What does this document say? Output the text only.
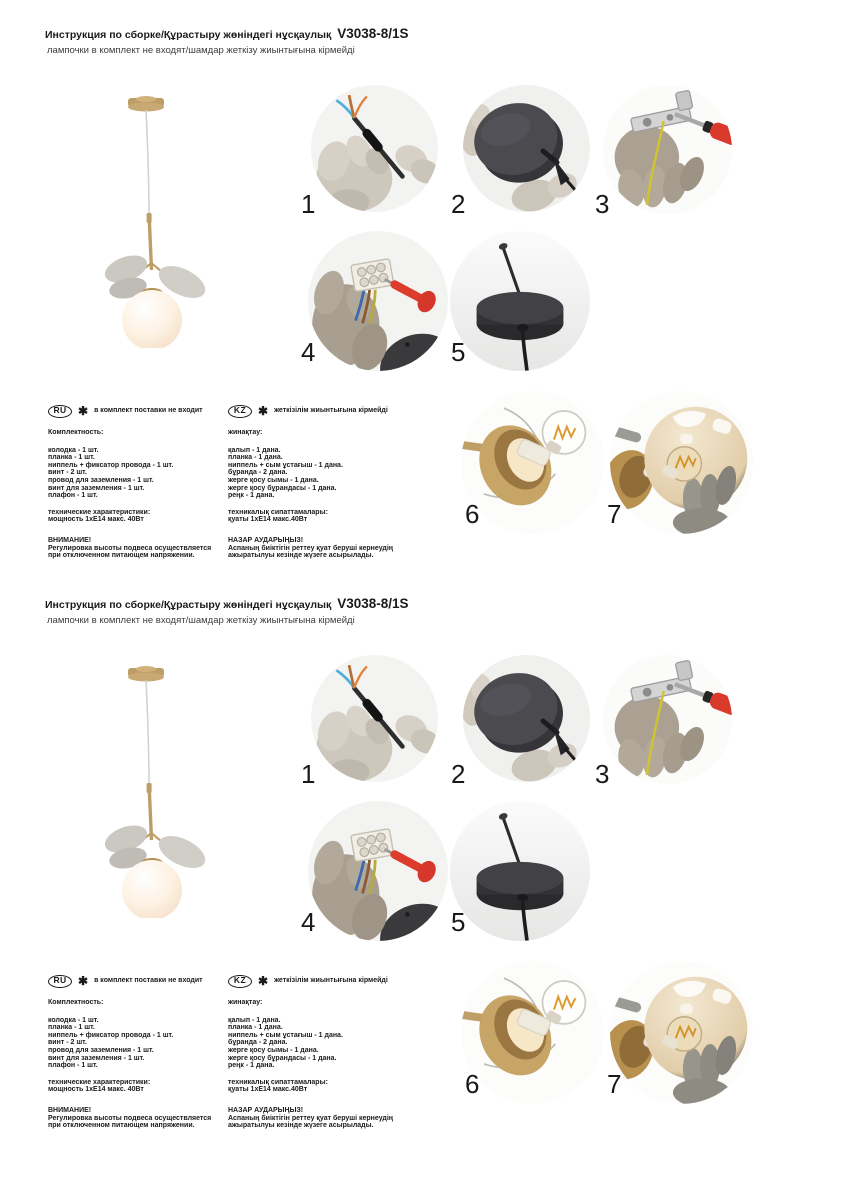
Инструкция по сборке/Құрастыру жөніндегі нұсқаулық V3038-8/1S
лампочки в комплект не входят/шамдар жеткізу жиынтығына кірмейді
1	2	3
4	5
6	7
RU ✱ в комплект поставки не входит
Комплектность:
колодка - 1 шт.
планка - 1 шт.
ниппель + фиксатор провода - 1 шт.
винт - 2 шт.
провод для заземления - 1 шт.
винт для заземления - 1 шт.
плафон - 1 шт.
технические характеристики:
мощность 1xE14 макс. 40Вт
ВНИМАНИЕ!
Регулировка высоты подвеса осуществляется при отключенном питающем напряжении.
KZ ✱ жеткізілім жиынтығына кірмейді
жинақтау:
қалып - 1 дана.
планка - 1 дана.
ниппель + сым ұстағыш - 1 дана.
бұранда - 2 дана.
жерге қосу сымы - 1 дана.
жерге қосу бұрандасы - 1 дана.
реңк - 1 дана.
техникалық сипаттамалары:
қуаты 1xE14 макс.40Вт
НАЗАР АУДАРЫҢЫЗ!
Аспаның биіктігін реттеу қуат беруші кернеудің ажыратылуы кезінде жүзеге асырылады.
Инструкция по сборке/Құрастыру жөніндегі нұсқаулық V3038-8/1S
лампочки в комплект не входят/шамдар жеткізу жиынтығына кірмейді
1	2	3
4	5
6	7
RU ✱ в комплект поставки не входит
Комплектность:
колодка - 1 шт.
планка - 1 шт.
ниппель + фиксатор провода - 1 шт.
винт - 2 шт.
провод для заземления - 1 шт.
винт для заземления - 1 шт.
плафон - 1 шт.
технические характеристики:
мощность 1xE14 макс. 40Вт
ВНИМАНИЕ!
Регулировка высоты подвеса осуществляется при отключенном питающем напряжении.
KZ ✱ жеткізілім жиынтығына кірмейді
жинақтау:
қалып - 1 дана.
планка - 1 дана.
ниппель + сым ұстағыш - 1 дана.
бұранда - 2 дана.
жерге қосу сымы - 1 дана.
жерге қосу бұрандасы - 1 дана.
реңк - 1 дана.
техникалық сипаттамалары:
қуаты 1xE14 макс.40Вт
НАЗАР АУДАРЫҢЫЗ!
Аспаның биіктігін реттеу қуат беруші кернеудің ажыратылуы кезінде жүзеге асырылады.
